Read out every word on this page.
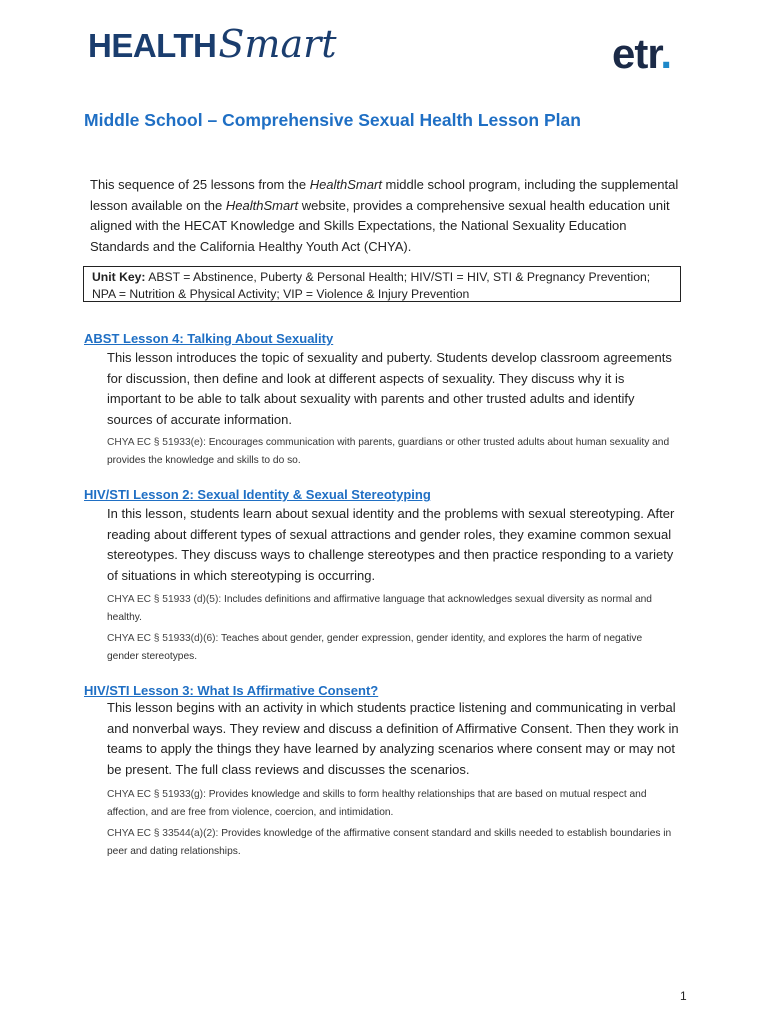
HEALTH Smart	etr.
Middle School – Comprehensive Sexual Health Lesson Plan

This sequence of 25 lessons from the HealthSmart middle school program, including the supplemental lesson available on the HealthSmart website, provides a comprehensive sexual health education unit aligned with the HECAT Knowledge and Skills Expectations, the National Sexuality Education Standards and the California Healthy Youth Act (CHYA).

Unit Key: ABST = Abstinence, Puberty & Personal Health; HIV/STI = HIV, STI & Pregnancy Prevention; NPA = Nutrition & Physical Activity; VIP = Violence & Injury Prevention
ABST Lesson 4: Talking About Sexuality

This lesson introduces the topic of sexuality and puberty. Students develop classroom agreements for discussion, then define and look at different aspects of sexuality. They discuss why it is important to be able to talk about sexuality with parents and other trusted adults and identify sources of accurate information.

CHYA EC § 51933(e): Encourages communication with parents, guardians or other trusted adults about human sexuality and provides the knowledge and skills to do so.

HIV/STI Lesson 2: Sexual Identity & Sexual Stereotyping

In this lesson, students learn about sexual identity and the problems with sexual stereotyping. After reading about different types of sexual attractions and gender roles, they examine common sexual stereotypes. They discuss ways to challenge stereotypes and then practice responding to a variety of situations in which stereotyping is occurring.

CHYA EC § 51933 (d)(5): Includes definitions and affirmative language that acknowledges sexual diversity as normal and healthy.

CHYA EC § 51933(d)(6): Teaches about gender, gender expression, gender identity, and explores the harm of negative gender stereotypes.

HIV/STI Lesson 3: What Is Affirmative Consent?

This lesson begins with an activity in which students practice listening and communicating in verbal and nonverbal ways. They review and discuss a definition of Affirmative Consent. Then they work in teams to apply the things they have learned by analyzing scenarios where consent may or may not be present. The full class reviews and discusses the scenarios.

CHYA EC § 51933(g): Provides knowledge and skills to form healthy relationships that are based on mutual respect and affection, and are free from violence, coercion, and intimidation.

CHYA EC § 33544(a)(2): Provides knowledge of the affirmative consent standard and skills needed to establish boundaries in peer and dating relationships.

1
